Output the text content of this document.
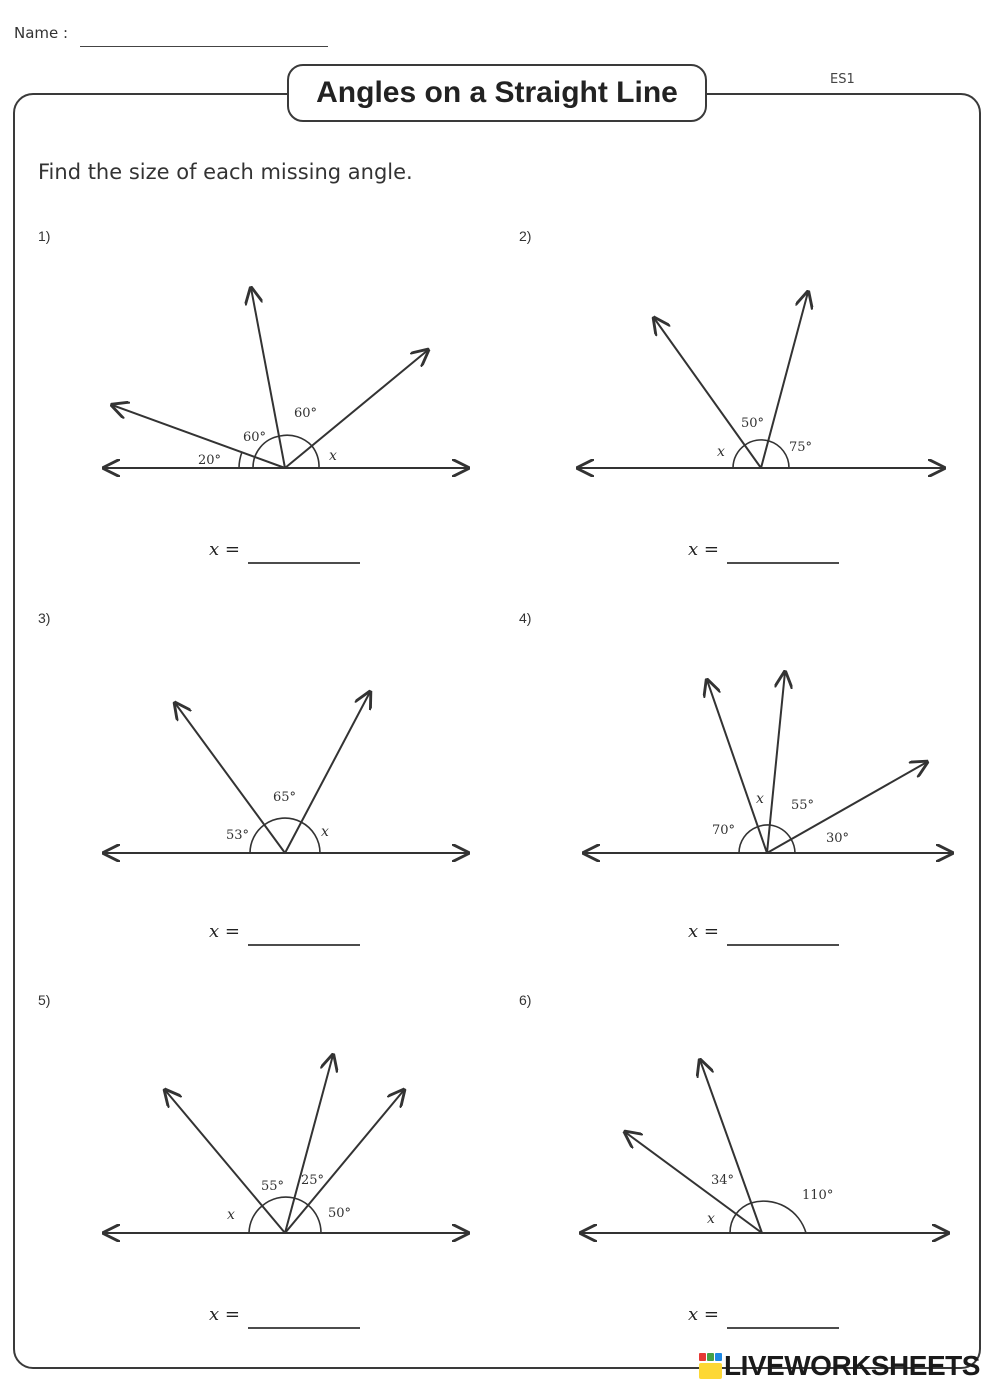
Name :
Angles on a Straight Line	ES1
Find the size of each missing angle.
1)
20°
60°
60°
x
x =
2)
x
50°
75°
x =
3)
53°
65°
x
x =
4)
70°
x 55°
30°
x =
5)
x
55° 25°
50°
x =
6)
x
34°
110°
x =
LIVEWORKSHEETS
